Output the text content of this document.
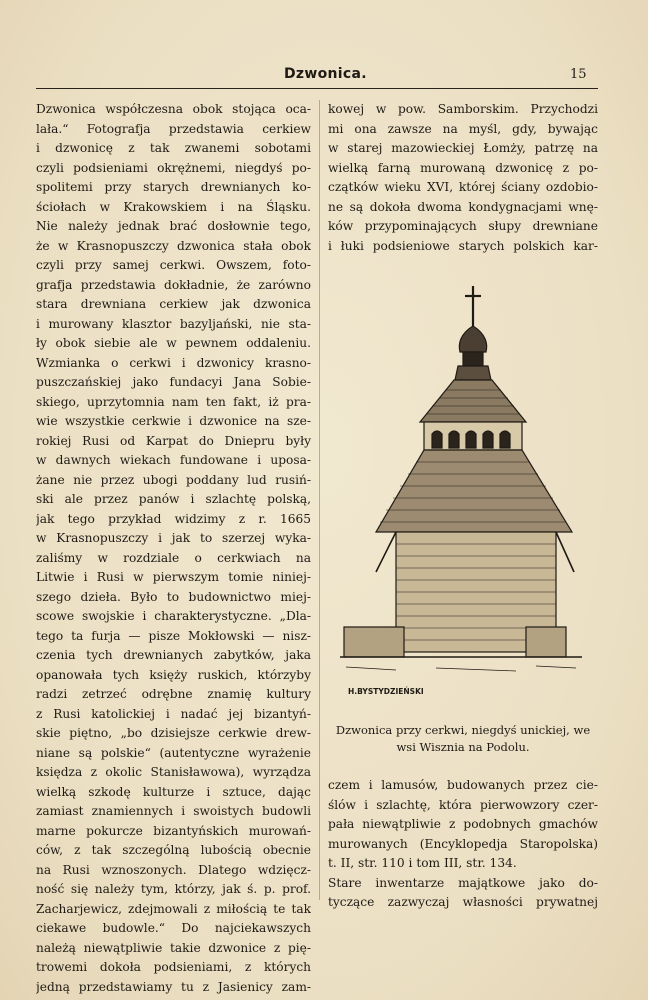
Dzwonica.	15
Dzwonica współczesna obok stojąca oca-
lała.“ Fotografja przedstawia cerkiew
i dzwonicę z tak zwanemi sobotami
czyli podsieniami okrężnemi, niegdyś po-
spolitemi przy starych drewnianych ko-
ściołach w Krakowskiem i na Śląsku.
Nie należy jednak brać dosłownie tego,
że w Krasnopuszczy dzwonica stała obok
czyli przy samej cerkwi. Owszem, foto-
grafja przedstawia dokładnie, że zarówno
stara drewniana cerkiew jak dzwonica
i murowany klasztor bazyljański, nie sta-
ły obok siebie ale w pewnem oddaleniu.
Wzmianka o cerkwi i dzwonicy krasno-
puszczańskiej jako fundacyi Jana Sobie-
skiego, uprzytomnia nam ten fakt, iż pra-
wie wszystkie cerkwie i dzwonice na sze-
rokiej Rusi od Karpat do Dniepru były
w dawnych wiekach fundowane i uposa-
żane nie przez ubogi poddany lud rusiń-
ski ale przez panów i szlachtę polską,
jak tego przykład widzimy z r. 1665
w Krasnopuszczy i jak to szerzej wyka-
zaliśmy w rozdziale o cerkwiach na
Litwie i Rusi w pierwszym tomie niniej-
szego dzieła. Było to budownictwo miej-
scowe swojskie i charakterystyczne. „Dla-
tego ta furja — pisze Mokłowski — nisz-
czenia tych drewnianych zabytków, jaka
opanowała tych księży ruskich, którzyby
radzi zetrzeć odrębne znamię kultury
z Rusi katolickiej i nadać jej bizantyń-
skie piętno, „bo dzisiejsze cerkwie drew-
niane są polskie“ (autentyczne wyrażenie
księdza z okolic Stanisławowa), wyrządza
wielką szkodę kulturze i sztuce, dając
zamiast znamiennych i swoistych budowli
marne pokurcze bizantyńskich murowań-
ców, z tak szczególną lubością obecnie
na Rusi wznoszonych. Dlatego wdzięcz-
ność się należy tym, którzy, jak ś. p. prof.
Zacharjewicz, zdejmowali z miłością te tak
ciekawe budowle.“ Do najciekawszych
należą niewątpliwie takie dzwonice z pię-
trowemi dokoła podsieniami, z których
jedną przedstawiamy tu z Jasienicy zam-
kowej w pow. Samborskim. Przychodzi
mi ona zawsze na myśl, gdy, bywając
w starej mazowieckiej Łomży, patrzę na
wielką farną murowaną dzwonicę z po-
czątków wieku XVI, której ściany ozdobio-
ne są dokoła dwoma kondygnacjami wnę-
ków przypominających słupy drewniane
i łuki podsieniowe starych polskich kar-
H.BYSTYDZIEŃSKI
Dzwonica przy cerkwi, niegdyś unickiej, we
wsi Wisznia na Podolu.
czem i lamusów, budowanych przez cie-
ślów i szlachtę, która pierwowzory czer-
pała niewątpliwie z podobnych gmachów
murowanych (Encyklopedja Staropolska)
t. II, str. 110 i tom III, str. 134.
Stare inwentarze majątkowe jako do-
tyczące zazwyczaj własności prywatnej
